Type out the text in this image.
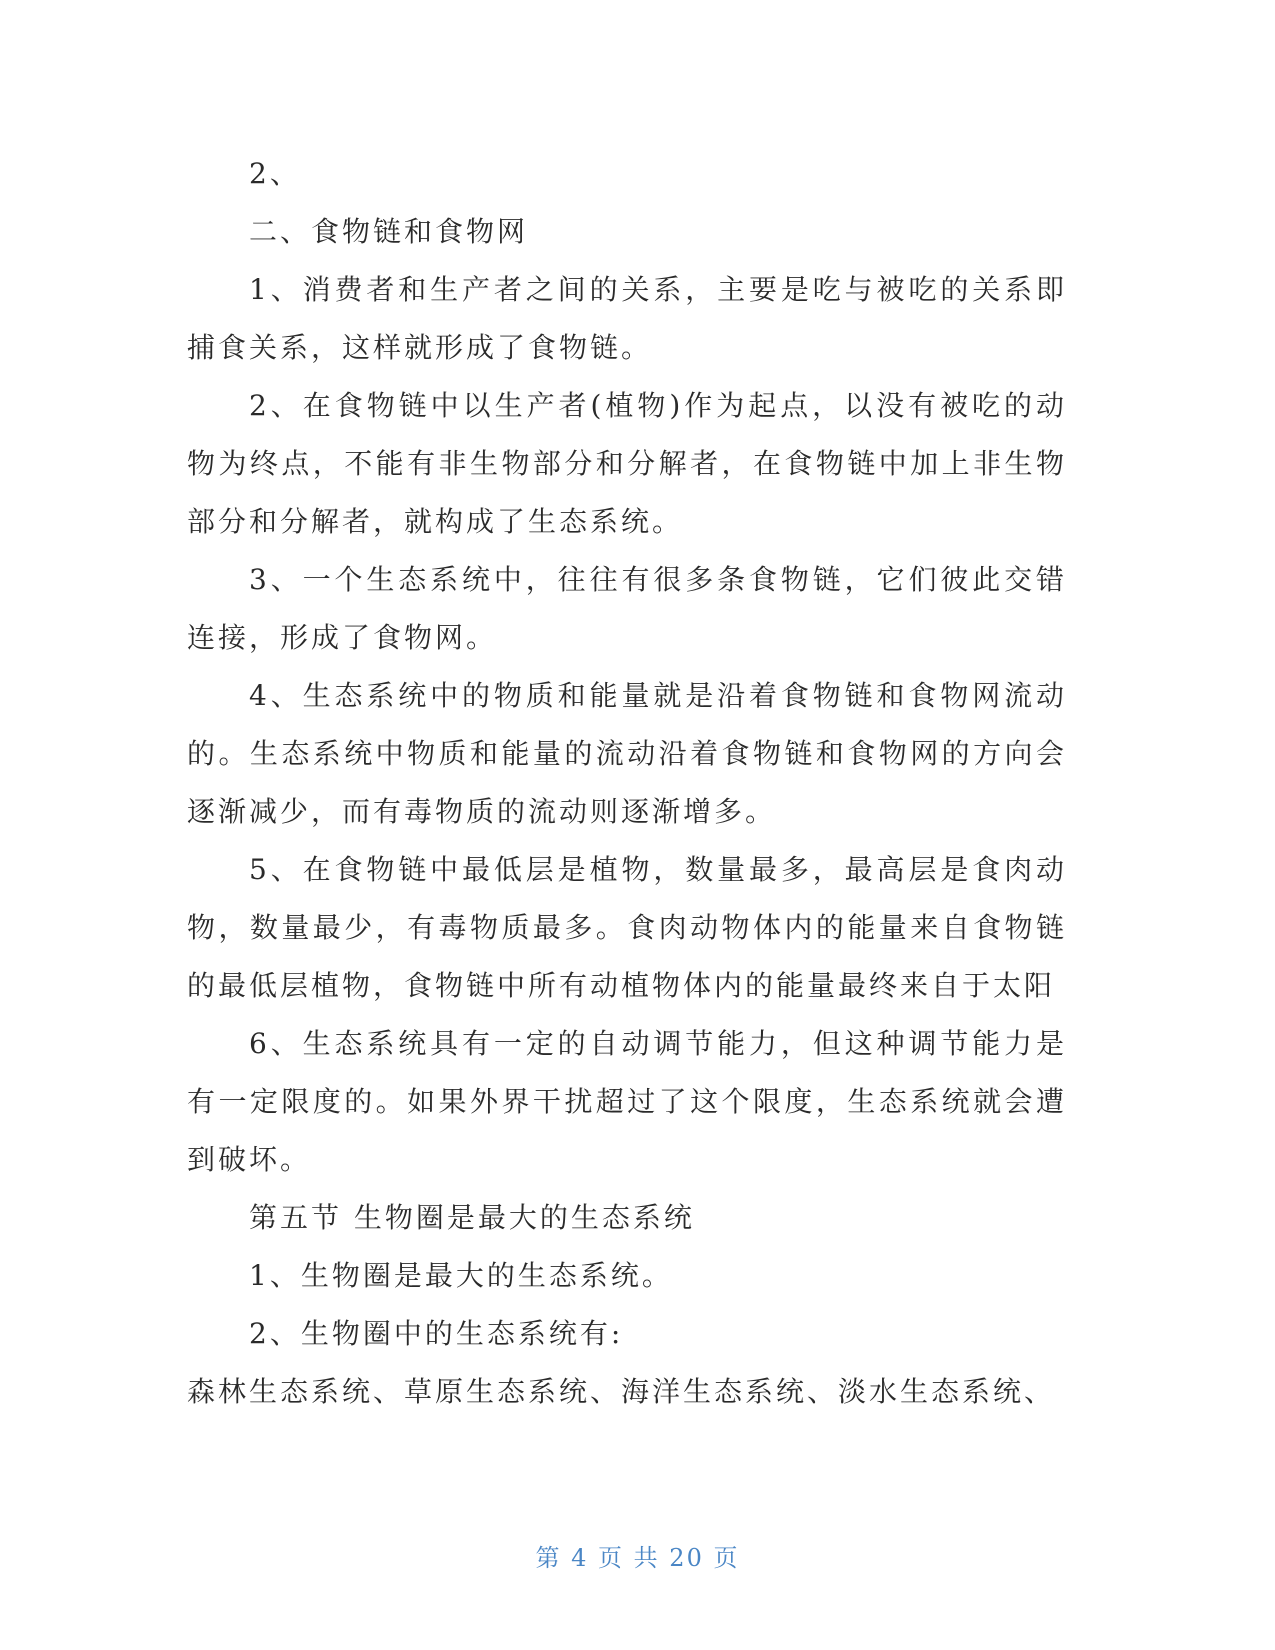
2、

二、食物链和食物网

1、消费者和生产者之间的关系，主要是吃与被吃的关系即捕食关系，这样就形成了食物链。

2、在食物链中以生产者(植物)作为起点，以没有被吃的动物为终点，不能有非生物部分和分解者，在食物链中加上非生物部分和分解者，就构成了生态系统。

3、一个生态系统中，往往有很多条食物链，它们彼此交错连接，形成了食物网。

4、生态系统中的物质和能量就是沿着食物链和食物网流动的。生态系统中物质和能量的流动沿着食物链和食物网的方向会逐渐减少，而有毒物质的流动则逐渐增多。

5、在食物链中最低层是植物，数量最多，最高层是食肉动物，数量最少，有毒物质最多。食肉动物体内的能量来自食物链的最低层植物，食物链中所有动植物体内的能量最终来自于太阳

6、生态系统具有一定的自动调节能力，但这种调节能力是有一定限度的。如果外界干扰超过了这个限度，生态系统就会遭到破坏。

第五节 生物圈是最大的生态系统

1、生物圈是最大的生态系统。

2、生物圈中的生态系统有:

森林生态系统、草原生态系统、海洋生态系统、淡水生态系统、

第 4 页 共 20 页
